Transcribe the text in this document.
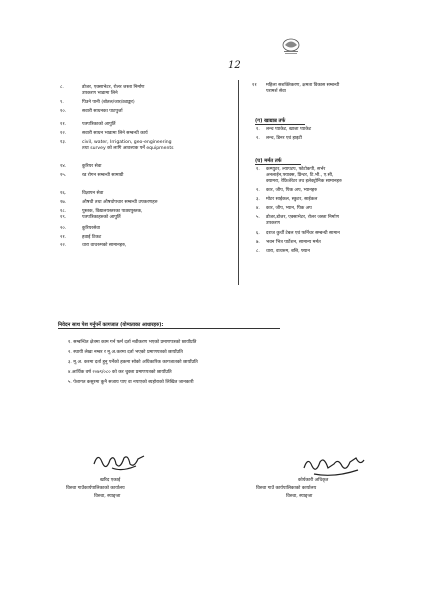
12
८.	डोजर, एक्साभेटर, रोलर जस्ता निर्माण
उपकरण भाडामा लिने
९.	पिउने पानी (बोतल/जार/ट्याङ्कर)
१०.	सवारी साधनका पाटपुर्जा
११.	पत्रपत्रिकाको आपुर्ति
१२.	सवारी साधन भाडामा लिने सम्बन्धी कार्य
१३.	civil, water, Irrigation, geo-engineering
तथा survey को लागि आवश्यक पर्ने equipments
१४.	कुरियर सेवा
१५.	रड रोगन सम्बन्धी सामाग्री
१६.	विज्ञापन सेवा
१७.	औषधी तथा औषधोपचार सम्बन्धी उपकरणहरु
१८.	पुस्तक, विद्यालयस्तरका पाठ्यपुस्तक,
१९.	पत्रपत्रिकाहरुको आपुर्ति
२०.	कुरियरसेवा
२१.	हवाई टिकट
२२.	धारा वाथरुमको सामानहरु,
(ग) खाद्यान्न तर्फ
(घ) मर्मत तर्फ
११ महिला सशक्तिकरण, क्षमता विकास सम्बन्धी
परामर्श सेवा
१. लन्च प्याकेट, खाजा प्याकेट
२. लन्च, डिनर एवं हाइटी
१. कम्प्युटर, ल्यापटप, फोटोकपी, सर्भर
अनलाईन,फ्याक्स, प्रिन्टर, टि.भी., ए.सी,
क्यामरा, रेफ्रिजेरेटर तथ इलेक्ट्रोनिक सामानहरु
२. कार, जीप, पिक अप, भ्यानहरु
३. मोटर साईकल, स्कुटर, साईकल
४. कार, जीप, भ्यान, पिक अप
५. डोजर,डोजर, एक्साभेटर, रोलर जस्ता निर्माण
उपकरण
६. दराज कुर्ची टेबल एवं फर्निचर सम्बन्धी सामान
७. भवन भित्र पार्टेशन, सामान्य मर्मत
८. धारा, वाथरुम, बत्ति, फ्यान
निवेदन साथ पेश गर्नुपर्ने कागजात (योग्यताका आधारहरु):
१. सम्बन्धित क्षेत्रमा काम गर्न फर्म दर्ता नवीकरण भएको प्रमाणपत्रको छायाँप्रति
२. स्थायी लेखा नम्बर र मू.अ.करमा दर्ता भएको प्रमाणपत्रको छायाँप्रति
३. मू.अ. करमा दर्ता हुनु पर्नेको हकमा सोको अधिकारिक कागजातको छायाँप्रति
४.आर्थिक वर्ष २०७९/०८० को कर चुक्ता प्रमाणपत्रको छायाँप्रति
५. पेशागत कसुरमा कुनै सजाय पाए वा नपाएको ब्यहोराको लिखित जानकारी
खरिद एकाई
विरुवा गाउँकार्यपालिकाको कार्यालय
विरुवा, स्याङ्जा
कोर्यकारी अधिकृत
विरुवा गाउँ कार्यपालिकाको कार्यालय
विरुवा, स्याङ्जा
